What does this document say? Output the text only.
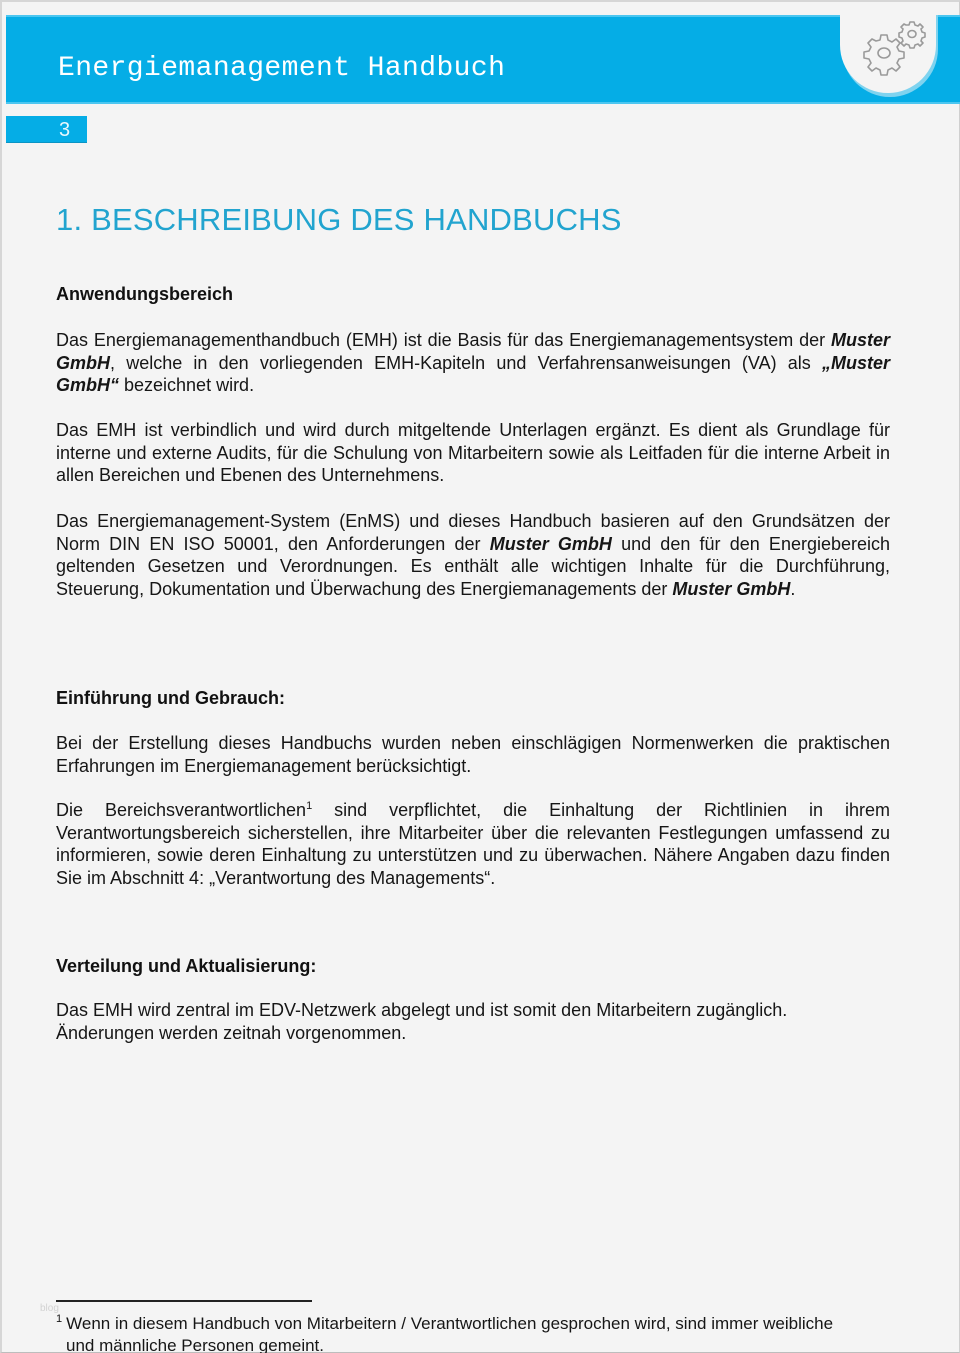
Energiemanagement Handbuch
3
1. BESCHREIBUNG DES HANDBUCHS
Anwendungsbereich

Das Energiemanagementhandbuch (EMH) ist die Basis für das Energiemanagementsystem der Muster GmbH, welche in den vorliegenden EMH-Kapiteln und Verfahrensanweisungen (VA) als „Muster GmbH“ bezeichnet wird.

Das EMH ist verbindlich und wird durch mitgeltende Unterlagen ergänzt. Es dient als Grundlage für interne und externe Audits, für die Schulung von Mitarbeitern sowie als Leitfaden für die interne Arbeit in allen Bereichen und Ebenen des Unternehmens.

Das Energiemanagement-System (EnMS) und dieses Handbuch basieren auf den Grundsätzen der Norm DIN EN ISO 50001, den Anforderungen der Muster GmbH und den für den Energiebereich geltenden Gesetzen und Verordnungen. Es enthält alle wichtigen Inhalte für die Durchführung, Steuerung, Dokumentation und Überwachung des Energiemanagements der Muster GmbH.

Einführung und Gebrauch:

Bei der Erstellung dieses Handbuchs wurden neben einschlägigen Normenwerken die praktischen Erfahrungen im Energiemanagement berücksichtigt.

Die Bereichsverantwortlichen$^1$ sind verpflichtet, die Einhaltung der Richtlinien in ihrem Verantwortungsbereich sicherstellen, ihre Mitarbeiter über die relevanten Festlegungen umfassend zu informieren, sowie deren Einhaltung zu unterstützen und zu überwachen. Nähere Angaben dazu finden Sie im Abschnitt 4: „Verantwortung des Managements“.

Verteilung und Aktualisierung:

Das EMH wird zentral im EDV-Netzwerk abgelegt und ist somit den Mitarbeitern zugänglich.
Änderungen werden zeitnah vorgenommen.

blog
$^1$ Wenn in diesem Handbuch von Mitarbeitern / Verantwortlichen gesprochen wird, sind immer weibliche
und männliche Personen gemeint.
